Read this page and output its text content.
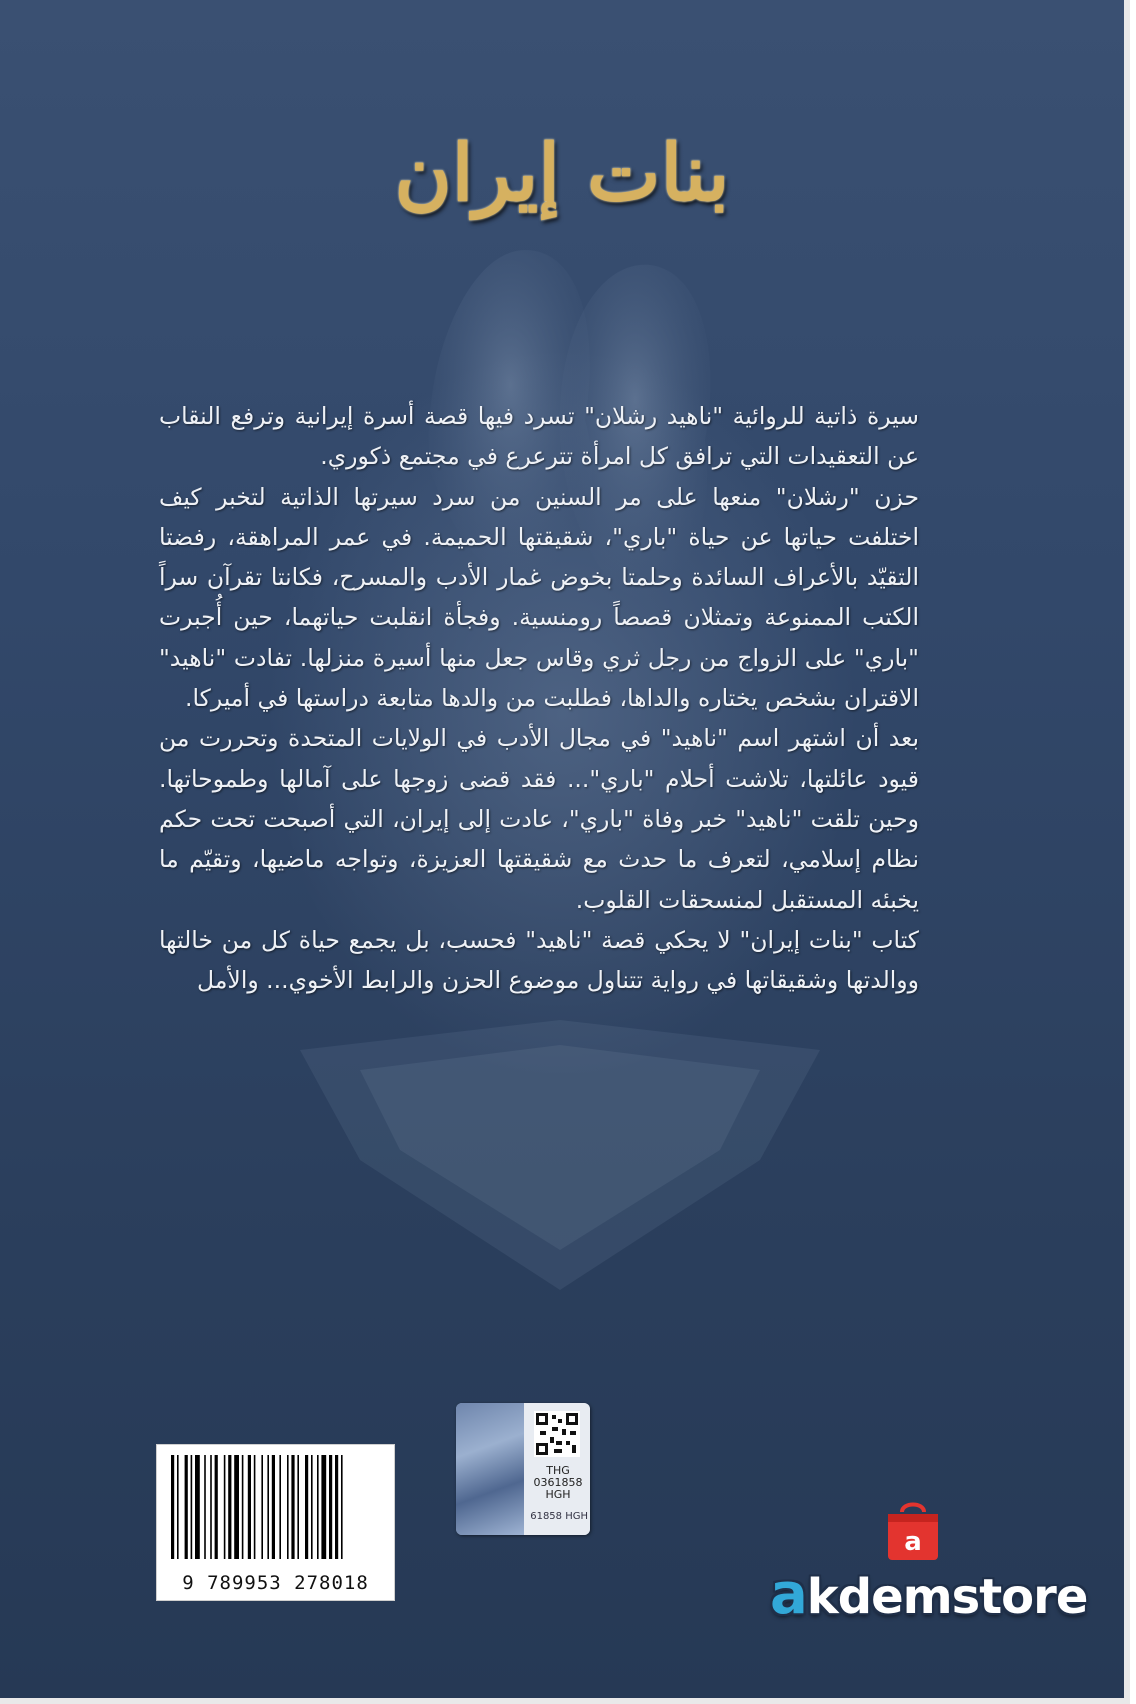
بنات إيران

سيرة ذاتية للروائية "ناهيد رشلان" تسرد فيها قصة أسرة إيرانية وترفع النقاب عن التعقيدات التي ترافق كل امرأة تترعرع في مجتمع ذكوري.

حزن "رشلان" منعها على مر السنين من سرد سيرتها الذاتية لتخبر كيف اختلفت حياتها عن حياة "باري"، شقيقتها الحميمة. في عمر المراهقة، رفضتا التقيّد بالأعراف السائدة وحلمتا بخوض غمار الأدب والمسرح، فكانتا تقرآن سراً الكتب الممنوعة وتمثلان قصصاً رومنسية. وفجأة انقلبت حياتهما، حين أُجبرت "باري" على الزواج من رجل ثري وقاس جعل منها أسيرة منزلها. تفادت "ناهيد" الاقتران بشخص يختاره والداها، فطلبت من والدها متابعة دراستها في أميركا.

بعد أن اشتهر اسم "ناهيد" في مجال الأدب في الولايات المتحدة وتحررت من قيود عائلتها، تلاشت أحلام "باري"... فقد قضى زوجها على آمالها وطموحاتها. وحين تلقت "ناهيد" خبر وفاة "باري"، عادت إلى إيران، التي أصبحت تحت حكم نظام إسلامي، لتعرف ما حدث مع شقيقتها العزيزة، وتواجه ماضيها، وتقيّم ما يخبئه المستقبل لمنسحقات القلوب.

كتاب "بنات إيران" لا يحكي قصة "ناهيد" فحسب، بل يجمع حياة كل من خالتها ووالدتها وشقيقاتها في رواية تتناول موضوع الحزن والرابط الأخوي... والأمل

9 789953 278018
THG
0361858
HGH
61858 HGH
a
akdemstore
